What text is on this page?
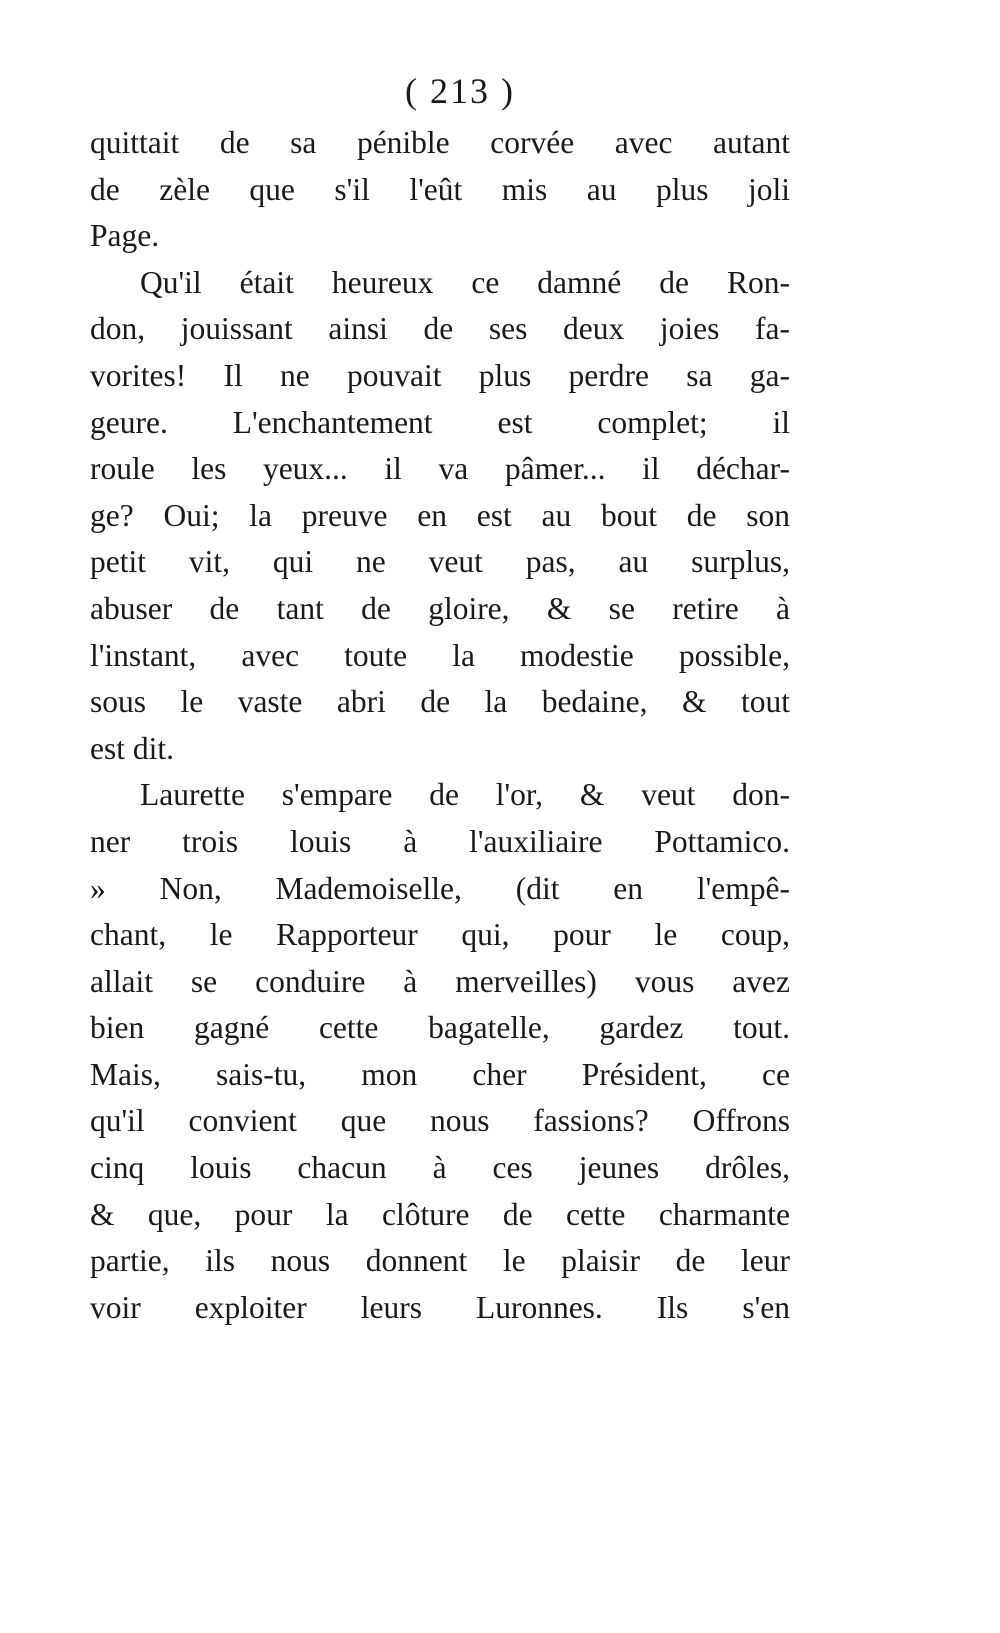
( 213 )
quittait de sa pénible corvée avec autant
de zèle que s'il l'eût mis au plus joli
Page.
Qu'il était heureux ce damné de Ron-
don, jouissant ainsi de ses deux joies fa-
vorites! Il ne pouvait plus perdre sa ga-
geure. L'enchantement est complet; il
roule les yeux... il va pâmer... il déchar-
ge? Oui; la preuve en est au bout de son
petit vit, qui ne veut pas, au surplus,
abuser de tant de gloire, & se retire à
l'instant, avec toute la modestie possible,
sous le vaste abri de la bedaine, & tout
est dit.
Laurette s'empare de l'or, & veut don-
ner trois louis à l'auxiliaire Pottamico.
» Non, Mademoiselle, (dit en l'empê-
chant, le Rapporteur qui, pour le coup,
allait se conduire à merveilles) vous avez
bien gagné cette bagatelle, gardez tout.
Mais, sais-tu, mon cher Président, ce
qu'il convient que nous fassions? Offrons
cinq louis chacun à ces jeunes drôles,
& que, pour la clôture de cette charmante
partie, ils nous donnent le plaisir de leur
voir exploiter leurs Luronnes. Ils s'en
